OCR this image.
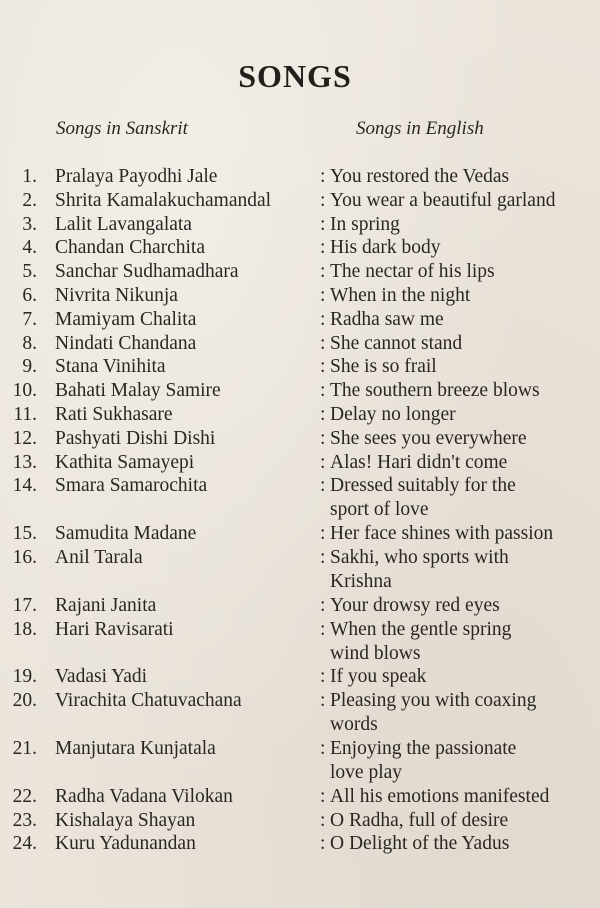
SONGS
Songs in Sanskrit	Songs in English
1. Pralaya Payodhi Jale	: You restored the Vedas
2. Shrita Kamalakuchamandal	: You wear a beautiful garland
3. Lalit Lavangalata	: In spring
4. Chandan Charchita	: His dark body
5. Sanchar Sudhamadhara	: The nectar of his lips
6. Nivrita Nikunja	: When in the night
7. Mamiyam Chalita	: Radha saw me
8. Nindati Chandana	: She cannot stand
9. Stana Vinihita	: She is so frail
10. Bahati Malay Samire	: The southern breeze blows
11. Rati Sukhasare	: Delay no longer
12. Pashyati Dishi Dishi	: She sees you everywhere
13. Kathita Samayepi	: Alas! Hari didn't come
14. Smara Samarochita	: Dressed suitably for the
sport of love
15. Samudita Madane	: Her face shines with passion
16. Anil Tarala	: Sakhi, who sports with
Krishna
17. Rajani Janita	: Your drowsy red eyes
18. Hari Ravisarati	: When the gentle spring
wind blows
19. Vadasi Yadi	: If you speak
20. Virachita Chatuvachana	: Pleasing you with coaxing
words
21. Manjutara Kunjatala	: Enjoying the passionate
love play
22. Radha Vadana Vilokan	: All his emotions manifested
23. Kishalaya Shayan	: O Radha, full of desire
24. Kuru Yadunandan	: O Delight of the Yadus
